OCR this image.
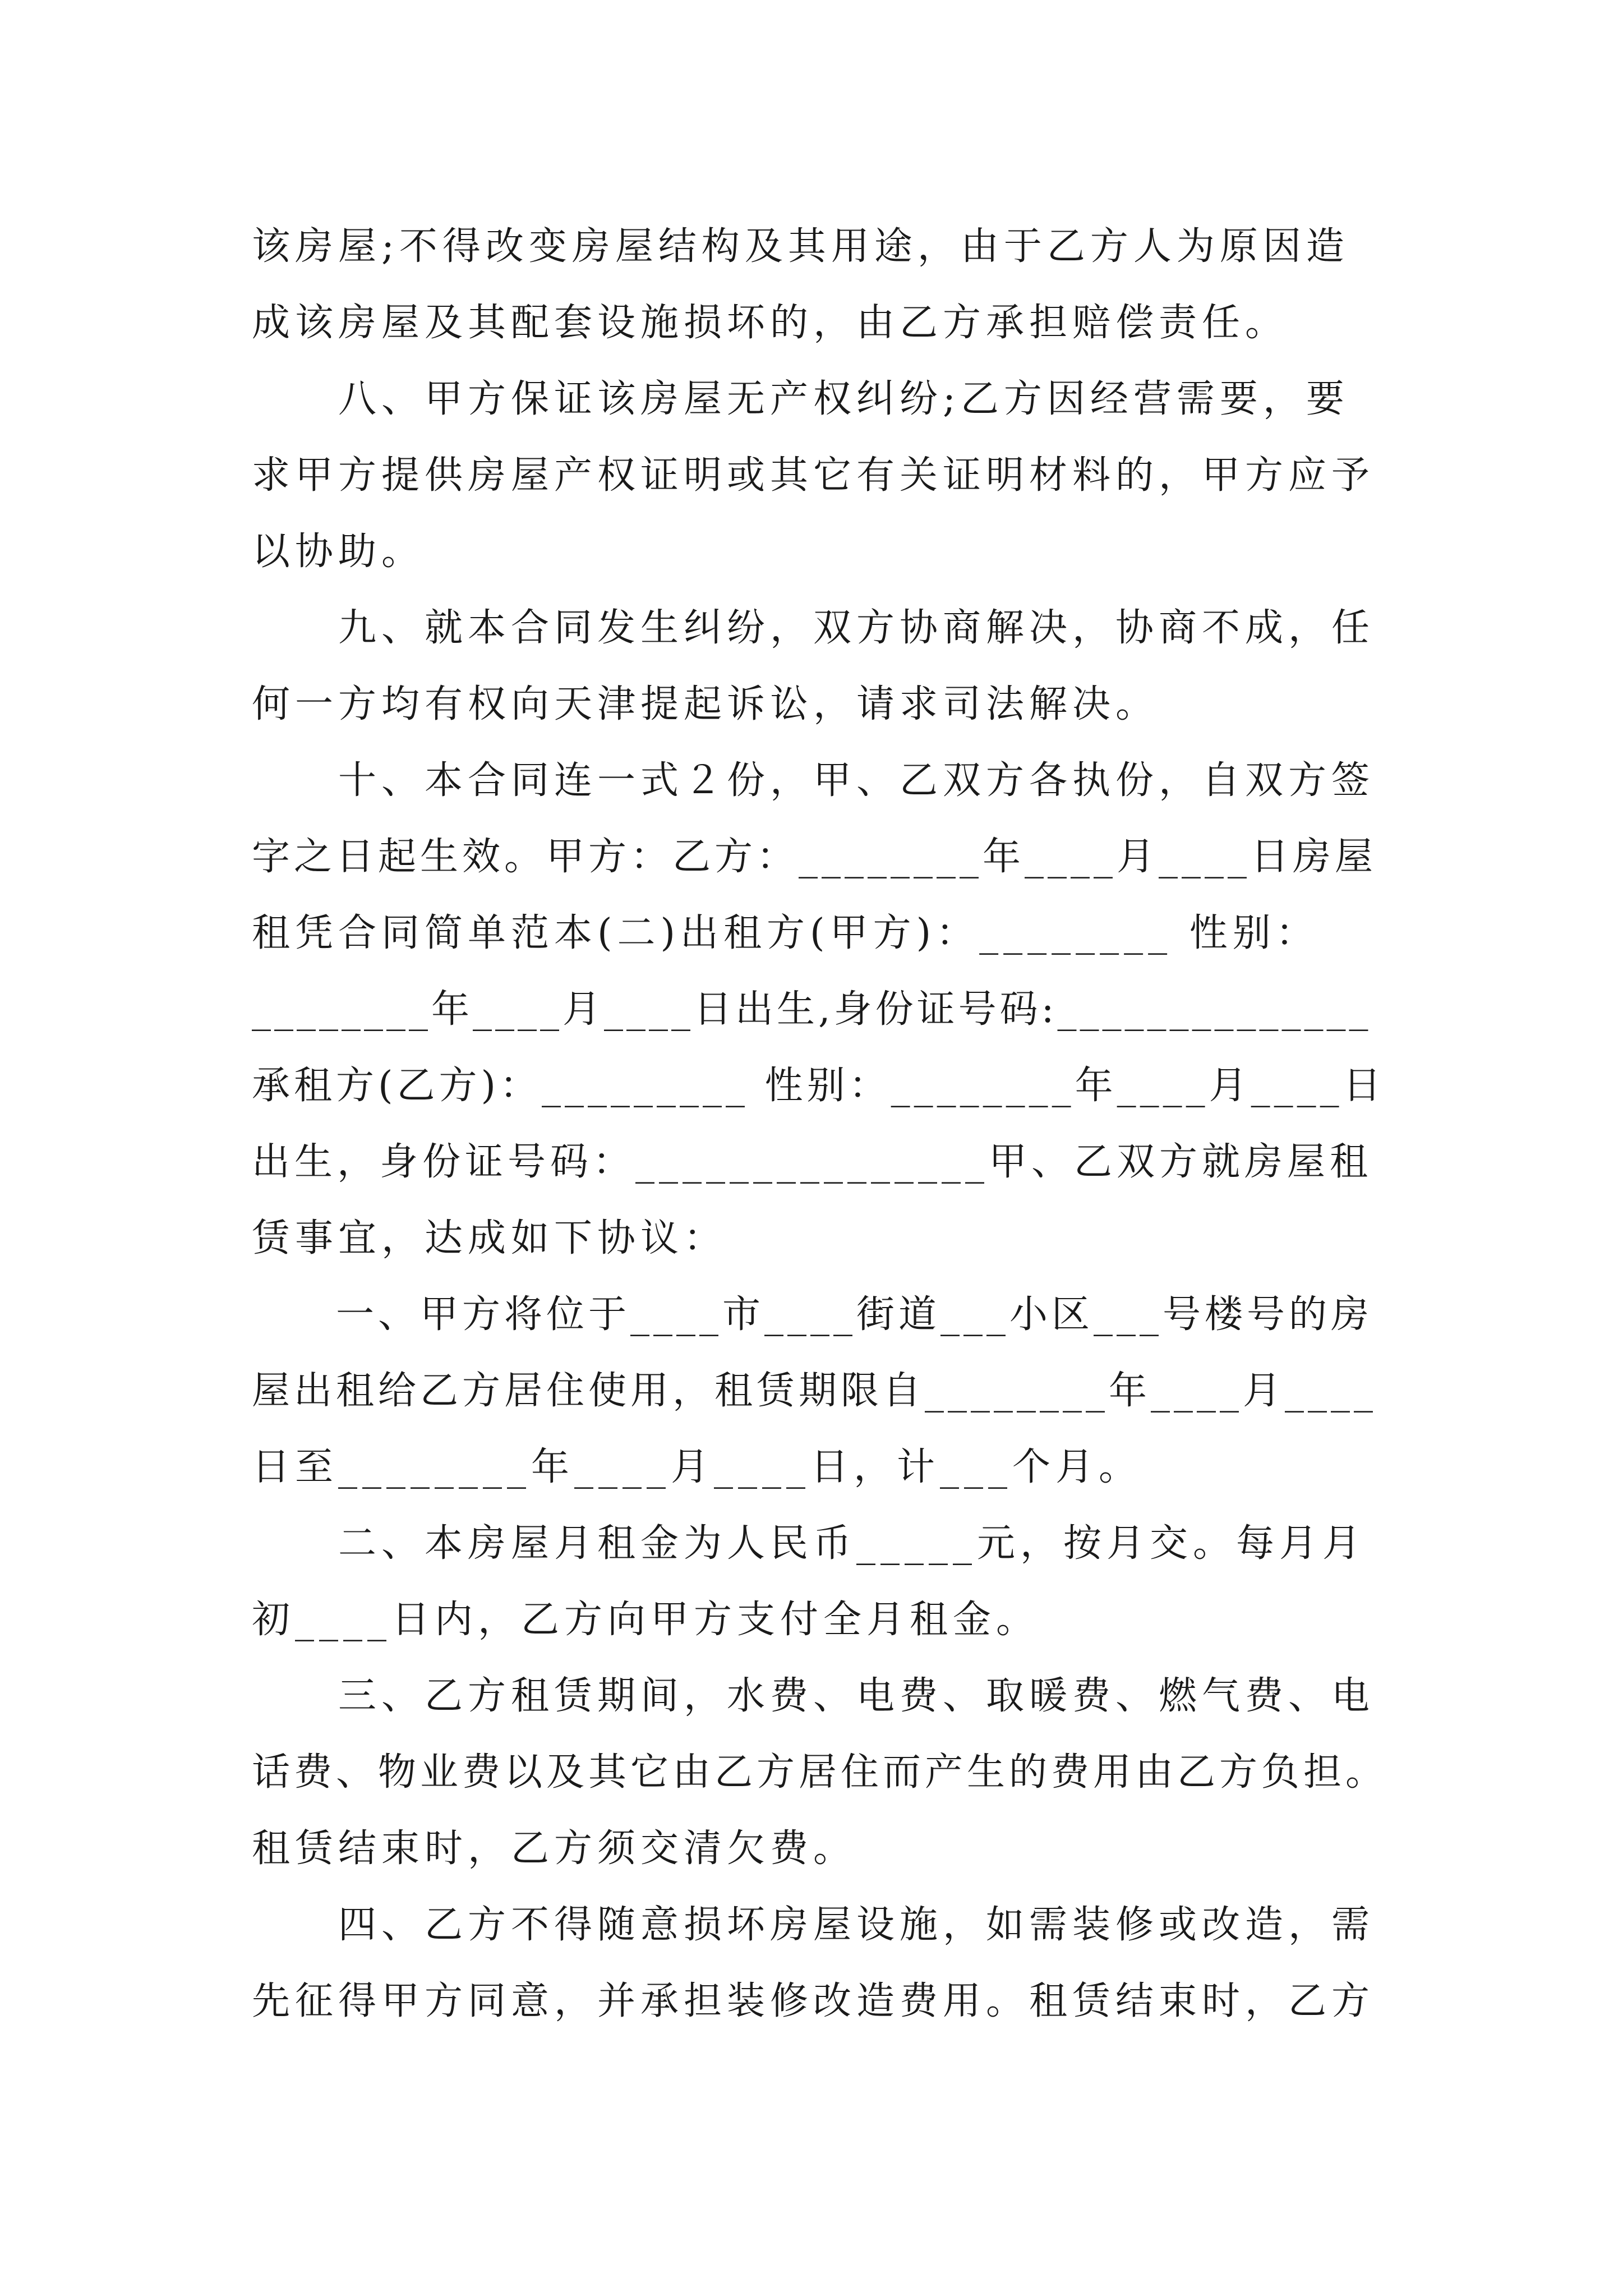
该房屋;不得改变房屋结构及其用途，由于乙方人为原因造
成该房屋及其配套设施损坏的，由乙方承担赔偿责任。
　　八、甲方保证该房屋无产权纠纷;乙方因经营需要，要
求甲方提供房屋产权证明或其它有关证明材料的，甲方应予
以协助。
　　九、就本合同发生纠纷，双方协商解决，协商不成，任
何一方均有权向天津提起诉讼，请求司法解决。
　　十、本合同连一式２份，甲、乙双方各执份，自双方签
字之日起生效。甲方：乙方：________年____月____日房屋
租凭合同简单范本(二)出租方(甲方)：________ 性别：
________年____月____日出生,身份证号码:______________
承租方(乙方)：_________ 性别：________年____月____日
出生，身份证号码：_______________甲、乙双方就房屋租
赁事宜，达成如下协议：
　　一、甲方将位于____市____街道___小区___号楼号的房
屋出租给乙方居住使用，租赁期限自________年____月____
日至________年____月____日，计___个月。
　　二、本房屋月租金为人民币_____元，按月交。每月月
初____日内，乙方向甲方支付全月租金。
　　三、乙方租赁期间，水费、电费、取暖费、燃气费、电
话费、物业费以及其它由乙方居住而产生的费用由乙方负担。
租赁结束时，乙方须交清欠费。
　　四、乙方不得随意损坏房屋设施，如需装修或改造，需
先征得甲方同意，并承担装修改造费用。租赁结束时，乙方
